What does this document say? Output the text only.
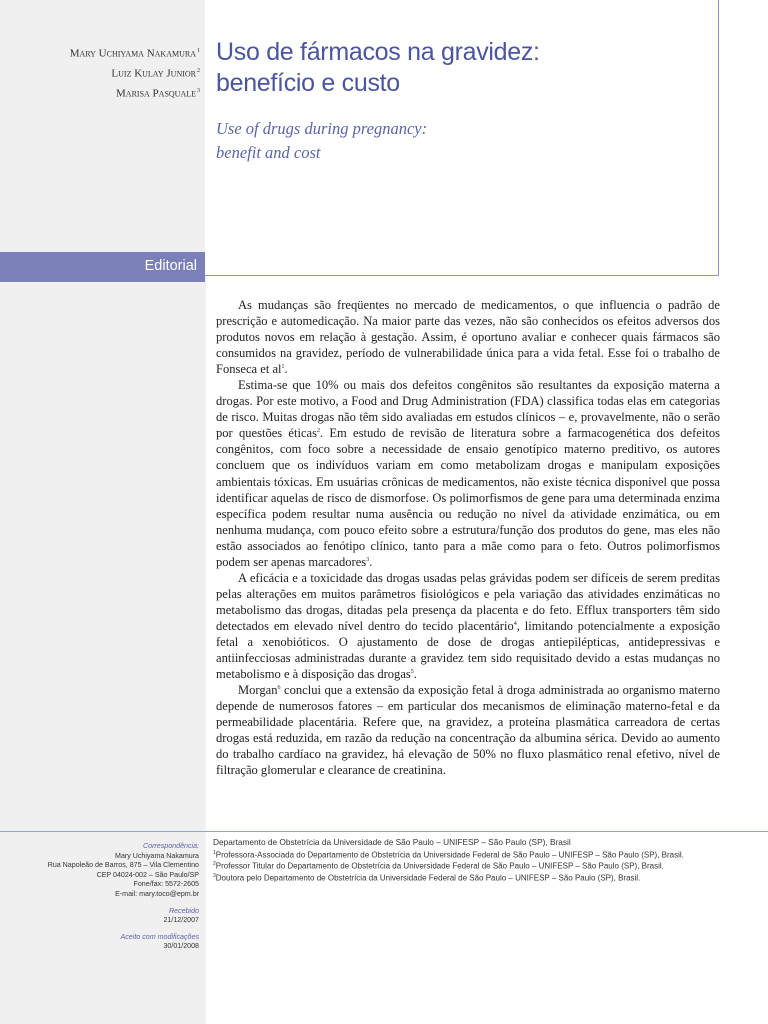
Mary Uchiyama Nakamura$^1$
Luiz Kulay Junior$^2$
Marisa Pasquale$^3$
Uso de fármacos na gravidez:
benefício e custo
Use of drugs during pregnancy:
benefit and cost
Editorial

As mudanças são freqüentes no mercado de medicamentos, o que influencia o padrão de prescrição e automedicação. Na maior parte das vezes, não são conhecidos os efeitos adversos dos produtos novos em relação à gestação. Assim, é oportuno avaliar e conhecer quais fármacos são consumidos na gravidez, período de vulnerabilidade única para a vida fetal. Esse foi o trabalho de Fonseca et $al^1$.

Estima-se que 10% ou mais dos defeitos congênitos são resultantes da exposição materna a drogas. Por este motivo, a Food and Drug Administration (FDA) classifica todas elas em categorias de risco. Muitas drogas não têm sido avaliadas em estudos clínicos – e, provavelmente, não o serão por questões éticas$^2$. Em estudo de revisão de literatura sobre a farmacogenética dos defeitos congênitos, com foco sobre a necessidade de ensaio genotípico materno preditivo, os autores concluem que os indivíduos variam em como metabolizam drogas e manipulam exposições ambientais tóxicas. Em usuárias crônicas de medicamentos, não existe técnica disponível que possa identificar aquelas de risco de dismorfose. Os polimorfismos de gene para uma determinada enzima específica podem resultar numa ausência ou redução no nível da atividade enzimática, ou em nenhuma mudança, com pouco efeito sobre a estrutura/função dos produtos do gene, mas eles não estão associados ao fenótipo clínico, tanto para a mãe como para o feto. Outros polimorfismos podem ser apenas marcadores$^3$.

A eficácia e a toxicidade das drogas usadas pelas grávidas podem ser difíceis de serem preditas pelas alterações em muitos parâmetros fisiológicos e pela variação das atividades enzimáticas no metabolismo das drogas, ditadas pela presença da placenta e do feto. Efflux transporters têm sido detectados em elevado nível dentro do tecido placentário$^4$, limitando potencialmente a exposição fetal a xenobióticos. O ajustamento de dose de drogas antiepilépticas, antidepressivas e antiinfecciosas administradas durante a gravidez tem sido requisitado devido a estas mudanças no metabolismo e à disposição das drogas$^5$.

Morgan$^6$ conclui que a extensão da exposição fetal à droga administrada ao organismo materno depende de numerosos fatores – em particular dos mecanismos de eliminação materno-fetal e da permeabilidade placentária. Refere que, na gravidez, a proteína plasmática carreadora de certas drogas está reduzida, em razão da redução na concentração da albumina sérica. Devido ao aumento do trabalho cardíaco na gravidez, há elevação de 50% no fluxo plasmático renal efetivo, nível de filtração glomerular e clearance de creatinina.

Correspondência:
Mary Uchiyama Nakamura
Rua Napoleão de Barros, 875 – Vila Clementino
CEP 04024-002 – São Paulo/SP
Fone/fax: 5572-2605
E-mail: mary.toco@epm.br
Recebido
21/12/2007
Aceito com modificações
30/01/2008
Departamento de Obstetrícia da Universidade de São Paulo – UNIFESP – São Paulo (SP), Brasil
$^1$Professora-Associada do Departamento de Obstetrícia da Universidade Federal de São Paulo – UNIFESP – São Paulo (SP), Brasil.
$^2$Professor Titular do Departamento de Obstetrícia da Universidade Federal de São Paulo – UNIFESP – São Paulo (SP), Brasil.
$^3$Doutora pelo Departamento de Obstetrícia da Universidade Federal de São Paulo – UNIFESP – São Paulo (SP), Brasil.
